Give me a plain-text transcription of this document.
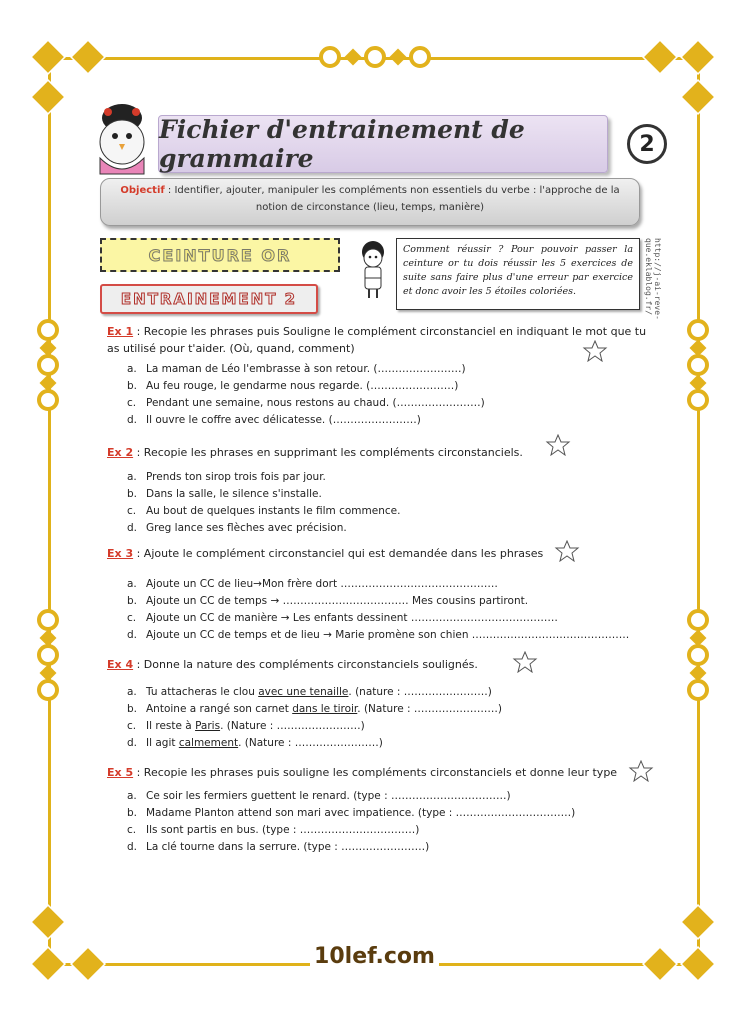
Fichier d'entrainement de grammaire	2
Objectif : Identifier, ajouter, manipuler les compléments non essentiels du verbe : l'approche de la notion de circonstance (lieu, temps, manière)
CEINTURE OR	Comment réussir ? Pour pouvoir passer la ceinture or tu dois réussir les 5 exercices de suite sans faire plus d'une erreur par exercice et donc avoir les 5 étoiles coloriées.	http://j-ai-reve-que.eklablog.fr/
ENTRAINEMENT 2
Ex 1 : Recopie les phrases puis Souligne le complément circonstanciel en indiquant le mot que tu as utilisé pour t'aider. (Où, quand, comment)
a. La maman de Léo l'embrasse à son retour. (……………………)
b. Au feu rouge, le gendarme nous regarde. (……………………)
c. Pendant une semaine, nous restons au chaud. (……………………)
d. Il ouvre le coffre avec délicatesse. (……………………)
Ex 2 : Recopie les phrases en supprimant les compléments circonstanciels.
a. Prends ton sirop trois fois par jour.
b. Dans la salle, le silence s'installe.
c. Au bout de quelques instants le film commence.
d. Greg lance ses flèches avec précision.
Ex 3 : Ajoute le complément circonstanciel qui est demandée dans les phrases
a. Ajoute un CC de lieu→Mon frère dort ………………………………………
b. Ajoute un CC de temps → ……………………………… Mes cousins partiront.
c. Ajoute un CC de manière → Les enfants dessinent ……………………………………
d. Ajoute un CC de temps et de lieu → Marie promène son chien ………………………………………
Ex 4 : Donne la nature des compléments circonstanciels soulignés.
a. Tu attacheras le clou avec une tenaille. (nature : ……………………)
b. Antoine a rangé son carnet dans le tiroir. (Nature : ……………………)
c. Il reste à Paris. (Nature : ……………………)
d. Il agit calmement. (Nature : ……………………)
Ex 5 : Recopie les phrases puis souligne les compléments circonstanciels et donne leur type
a. Ce soir les fermiers guettent le renard. (type : ……………………………)
b. Madame Planton attend son mari avec impatience. (type : ……………………………)
c. Ils sont partis en bus. (type : ……………………………)
d. La clé tourne dans la serrure. (type : ……………………)
10lef.com
